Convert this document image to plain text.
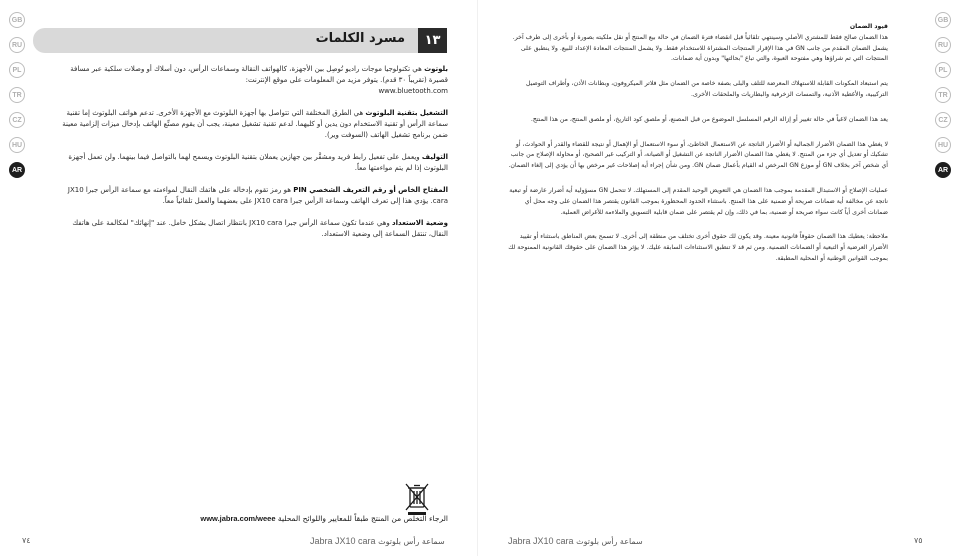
مسرد الكلمات	١٣
بلوتوث هي تكنولوجيا موجات راديو تُوصِل بين الأجهزة، كالهواتف النقالة وسماعات الرأس، دون أسلاك أو وصلات سلكية عبر مسافة قصيرة (تقريباً ٣٠ قدم). يتوفر مزيد من المعلومات على موقع الإنترنت:
www.bluetooth.com
التشغيل بتقنية البلوتوث هي الطرق المختلفة التي تتواصل بها أجهزة البلوتوث مع الأجهزة الأخرى. تدعم هواتف البلوتوث إما تقنية سماعة الرأس أو تقنية الاستخدام دون يدين أو كليهما. لدعم تقنية تشغيل معينة، يجب أن يقوم مصنِّع الهاتف بإدخال ميزات إلزامية معينة ضمن برنامج تشغيل الهاتف (السوفت وير).
التوليف ويعمل على تفعيل رابط فريد ومشفَّر بين جهازين يعملان بتقنية البلوتوث ويسمح لهما بالتواصل فيما بينهما. ولن تعمل أجهزة البلوتوث إذا لم يتم مواءمتها معاً.
المفتاح الخاص أو رقم التعريف الشخصي PIN هو رمز تقوم بإدخاله على هاتفك النقال لمواءمته مع سماعة الرأس جبرا JX10 cara. يؤدي هذا إلى تعرف الهاتف وسماعة الرأس جبرا JX10 cara على بعضهما والعمل تلقائياً معاً.
وضعية الاستعداد وهي عندما تكون سماعة الرأس جبرا JX10 cara بانتظار اتصال بشكل خامل. عند "إنهائك" لمكالمة على هاتفك النقال، تنتقل السماعة إلى وضعية الاستعداد.
الرجاء التخلص من المنتج طبقاً للمعايير واللوائح المحلية www.jabra.com/weee
٧٤	سماعة رأس بلوتوث Jabra JX10 cara
قيود الضمان
هذا الضمان صالح فقط للمشتري الأصلي وسينتهي تلقائياً قبل انقضاء فترة الضمان في حالة بيع المنتج أو نقل ملكيته بصورة أو بأخرى إلى طرف آخر. يشمل الضمان المقدم من جانب GN في هذا الإقرار المنتجات المشتراة للاستخدام فقط. ولا يشمل المنتجات المعادة الإعداد للبيع. ولا ينطبق على المنتجات التي تم شراؤها وهي مفتوحة العبوة، والتي تباع "بحالتها" وبدون أية ضمانات.
يتم استبعاد المكونات القابلة للاستهلاك المعرضة للتلف والبلى بصفة خاصة من الضمان مثل فلاتر الميكروفون، وبطانات الأذن، وأطراف التوصيل التركيبية، والأغطية الأذنية، والتمسات الزخرفية والبطاريات والملحقات الأخرى.
يعد هذا الضمان لاغياً في حالة تغيير أو إزالة الرقم المسلسل الموضوع من قبل المصنع، أو ملصق كود التاريخ، أو ملصق المنتج، من هذا المنتج.
لا يغطي هذا الضمان الأضرار الجمالية أو الأضرار الناتجة عن الاستعمال الخاطئ، أو سوء الاستعمال أو الإهمال أو نتيجة للقضاء والقدر أو الحوادث، أو تشكيك أو تعديل أي جزء من المنتج. لا يغطي هذا الضمان الأضرار الناتجة عن التشغيل أو الصيانة، أو التركيب غير الصحيح، أو محاولة الإصلاح من جانب أي شخص آخر بخلاف GN أو موزع GN المرخص له القيام بأعمال ضمان GN. ومن شأن إجراء أية إصلاحات غير مرخص بها أن يؤدي إلى إلغاء الضمان.
عمليات الإصلاح أو الاستبدال المقدمة بموجب هذا الضمان هي التعويض الوحيد المقدم إلى المستهلك. لا تتحمل GN مسؤولية أية أضرار عارضة أو تبعية ناتجة عن مخالفة أية ضمانات صريحة أو ضمنية على هذا المنتج. باستثناء الحدود المحظورة بموجب القانون يقتصر هذا الضمان على وجه محل أي ضمانات أخرى أياً كانت سواء صريحة أو ضمنية، بما في ذلك، وإن لم يقتصر على ضمان قابلية التسويق والملاءمة للأغراض العملية.
ملاحظة: يعطيك هذا الضمان حقوقاً قانونية معينة. وقد يكون لك حقوق أخرى تختلف من منطقة إلى أخرى. لا تسمح بعض المناطق باستثناء أو تقييد الأضرار العرضية أو التبعية أو الضمانات الضمنية. ومن ثم قد لا تنطبق الاستثناءات السابقة عليك. لا يؤثر هذا الضمان على حقوقك القانونية الممنوحة لك بموجب القوانين الوطنية أو المحلية المطبقة.
سماعة رأس بلوتوث Jabra JX10 cara	٧٥
GB
RU
PL
TR
CZ
HU
AR
GB
RU
PL
TR
CZ
HU
AR
